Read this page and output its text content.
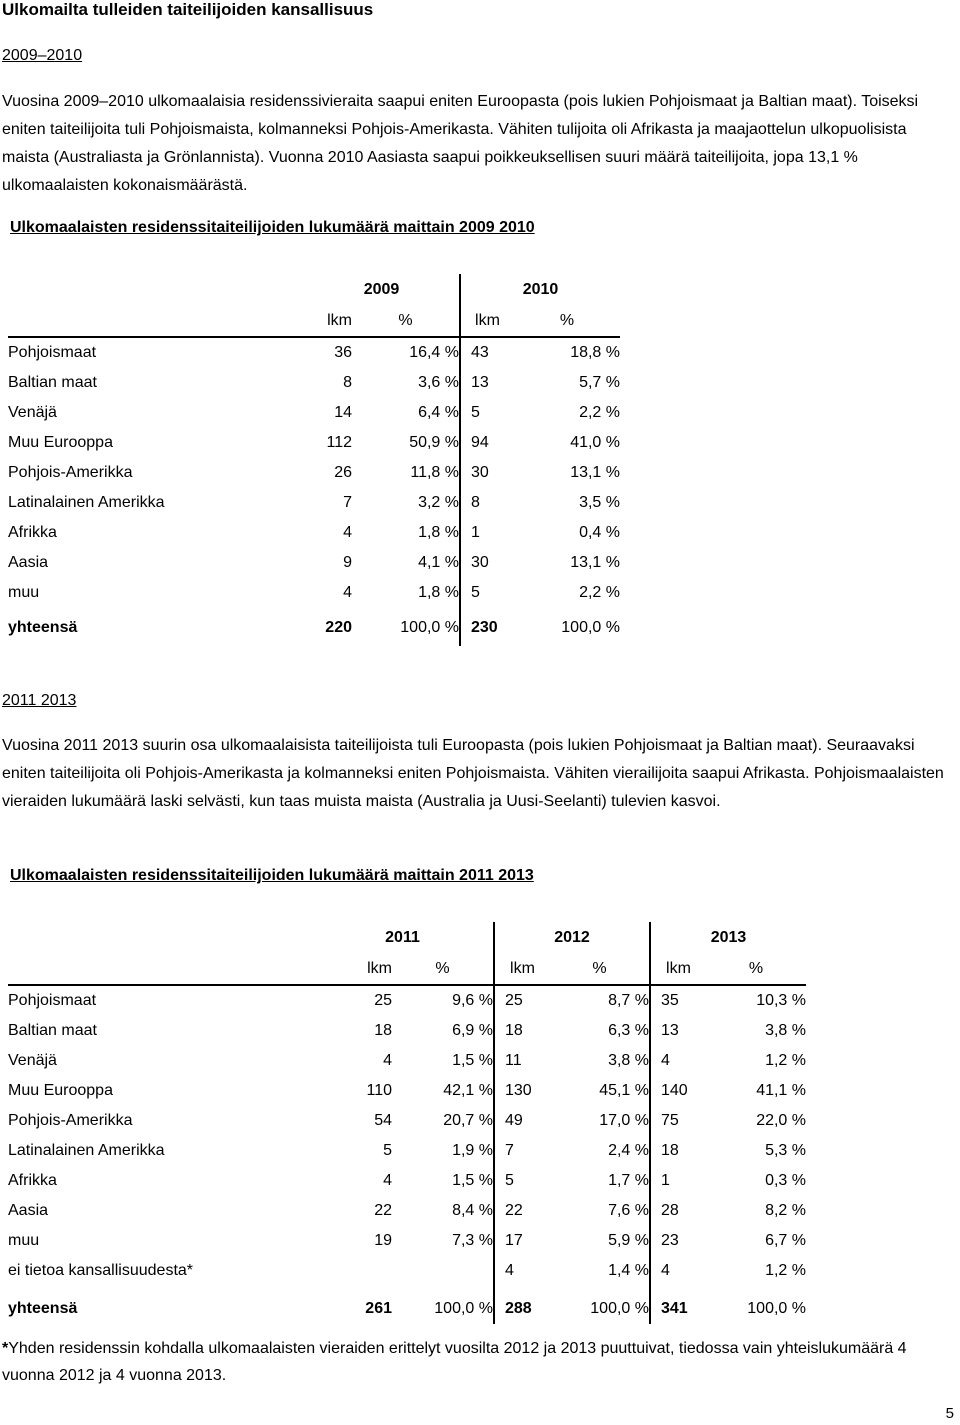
Ulkomailta tulleiden taiteilijoiden kansallisuus
2009–2010
Vuosina 2009–2010 ulkomaalaisia residenssivieraita saapui eniten Euroopasta (pois lukien Pohjoismaat ja Baltian maat). Toiseksi eniten taiteilijoita tuli Pohjoismaista, kolmanneksi Pohjois-Amerikasta. Vähiten tulijoita oli Afrikasta ja maajaottelun ulkopuolisista maista (Australiasta ja Grönlannista). Vuonna 2010 Aasiasta saapui poikkeuksellisen suuri määrä taiteilijoita, jopa 13,1 % ulkomaalaisten kokonaismäärästä.
Ulkomaalaisten residenssitaiteilijoiden lukumäärä maittain 2009 2010
	2009		2010	
	lkm	%	lkm	%
Pohjoismaat	36	16,4 %	43	18,8 %
Baltian maat	8	3,6 %	13	5,7 %
Venäjä	14	6,4 %	5	2,2 %
Muu Eurooppa	112	50,9 %	94	41,0 %
Pohjois-Amerikka	26	11,8 %	30	13,1 %
Latinalainen Amerikka	7	3,2 %	8	3,5 %
Afrikka	4	1,8 %	1	0,4 %
Aasia	9	4,1 %	30	13,1 %
muu	4	1,8 %	5	2,2 %
yhteensä	220	100,0 %	230	100,0 %
2011 2013
Vuosina 2011 2013 suurin osa ulkomaalaisista taiteilijoista tuli Euroopasta (pois lukien Pohjoismaat ja Baltian maat). Seuraavaksi eniten taiteilijoita oli Pohjois-Amerikasta ja kolmanneksi eniten Pohjoismaista. Vähiten vierailijoita saapui Afrikasta. Pohjoismaalaisten vieraiden lukumäärä laski selvästi, kun taas muista maista (Australia ja Uusi-Seelanti) tulevien kasvoi.
Ulkomaalaisten residenssitaiteilijoiden lukumäärä maittain 2011 2013
	2011		2012		2013	
	lkm	%	lkm	%	lkm	%
Pohjoismaat	25	9,6 %	25	8,7 %	35	10,3 %
Baltian maat	18	6,9 %	18	6,3 %	13	3,8 %
Venäjä	4	1,5 %	11	3,8 %	4	1,2 %
Muu Eurooppa	110	42,1 %	130	45,1 %	140	41,1 %
Pohjois-Amerikka	54	20,7 %	49	17,0 %	75	22,0 %
Latinalainen Amerikka	5	1,9 %	7	2,4 %	18	5,3 %
Afrikka	4	1,5 %	5	1,7 %	1	0,3 %
Aasia	22	8,4 %	22	7,6 %	28	8,2 %
muu	19	7,3 %	17	5,9 %	23	6,7 %
ei tietoa kansallisuudesta*			4	1,4 %	4	1,2 %
yhteensä	261	100,0 %	288	100,0 %	341	100,0 %
*Yhden residenssin kohdalla ulkomaalaisten vieraiden erittelyt vuosilta 2012 ja 2013 puuttuivat, tiedossa vain yhteislukumäärä 4 vuonna 2012 ja 4 vuonna 2013.
5
